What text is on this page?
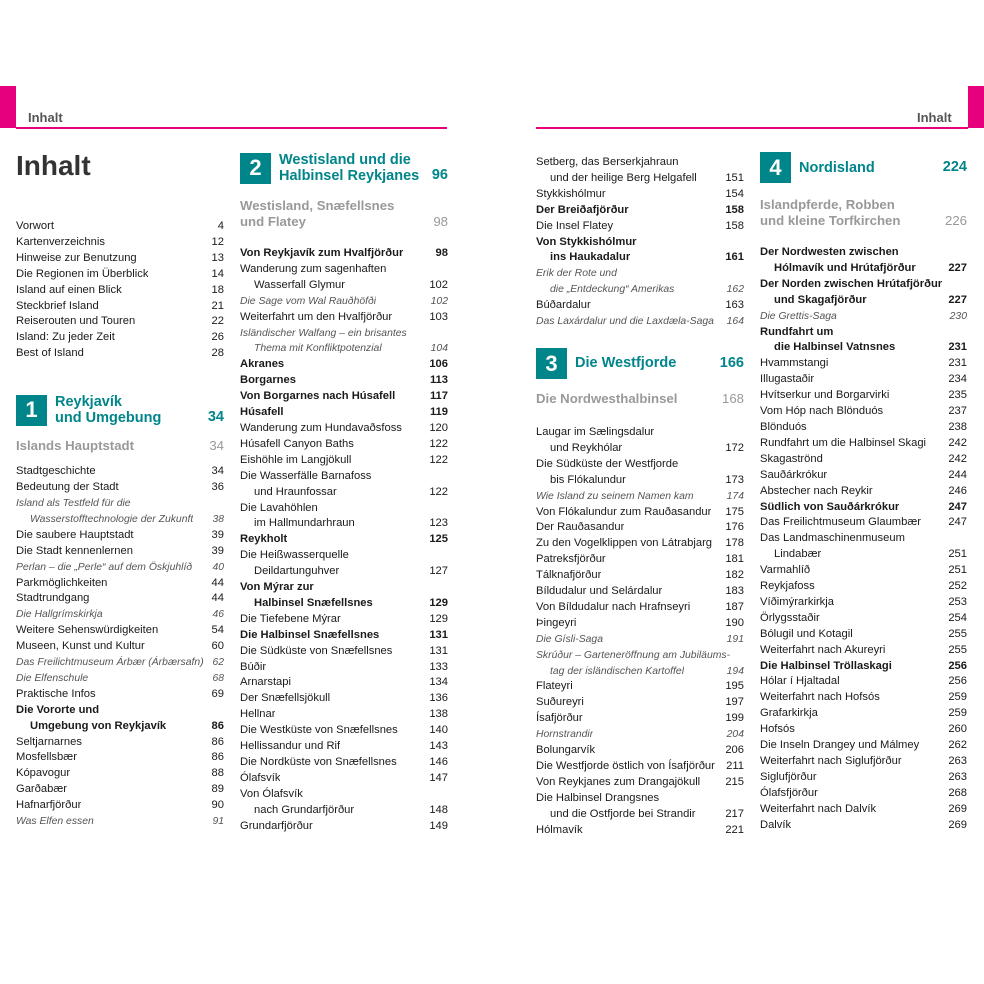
Inhalt	Inhalt
Inhalt
Vorwort	4
Kartenverzeichnis	12
Hinweise zur Benutzung	13
Die Regionen im Überblick	14
Island auf einen Blick	18
Steckbrief Island	21
Reiserouten und Touren	22
Island: Zu jeder Zeit	26
Best of Island	28
1	Reykjavík
und Umgebung	34
Islands Hauptstadt	34
Stadtgeschichte	34
Bedeutung der Stadt	36
Island als Testfeld für die
Wasserstofftechnologie der Zukunft	38
Die saubere Hauptstadt	39
Die Stadt kennenlernen	39
Perlan – die „Perle“ auf dem Öskjuhlíð	40
Parkmöglichkeiten	44
Stadtrundgang	44
Die Hallgrímskirkja	46
Weitere Sehenswürdigkeiten	54
Museen, Kunst und Kultur	60
Das Freilichtmuseum Árbær (Árbærsafn) 62
Die Elfenschule	68
Praktische Infos	69
Die Vororte und
Umgebung von Reykjavík	86
Seltjarnarnes	86
Mosfellsbær	86
Kópavogur	88
Garðabær	89
Hafnarfjörður	90
Was Elfen essen	91
2	Westisland und die
Halbinsel Reykjanes 96
Westisland, Snæfellsnes
und Flatey	98
Von Reykjavík zum Hvalfjörður	98
Wanderung zum sagenhaften
Wasserfall Glymur	102
Die Sage vom Wal Rauðhöfði	102
Weiterfahrt um den Hvalfjörður	103
Isländischer Walfang – ein brisantes
Thema mit Konfliktpotenzial	104
Akranes	106
Borgarnes	113
Von Borgarnes nach Húsafell	117
Húsafell	119
Wanderung zum Hundavaðsfoss	120
Húsafell Canyon Baths	122
Eishöhle im Langjökull	122
Die Wasserfälle Barnafoss
und Hraunfossar	122
Die Lavahöhlen
im Hallmundarhraun	123
Reykholt	125
Die Heißwasserquelle
Deildartunguhver	127
Von Mýrar zur
Halbinsel Snæfellsnes	129
Die Tiefebene Mýrar	129
Die Halbinsel Snæfellsnes	131
Die Südküste von Snæfellsnes	131
Búðir	133
Arnarstapi	134
Der Snæfellsjökull	136
Hellnar	138
Die Westküste von Snæfellsnes	140
Hellissandur und Rif	143
Die Nordküste von Snæfellsnes	146
Ólafsvík	147
Von Ólafsvík
nach Grundarfjörður	148
Grundarfjörður	149
Setberg, das Berserkjahraun
und der heilige Berg Helgafell	151
Stykkishólmur	154
Der Breiðafjörður	158
Die Insel Flatey	158
Von Stykkishólmur
ins Haukadalur	161
Erik der Rote und
die „Entdeckung“ Amerikas	162
Búðardalur	163
Das Laxárdalur und die Laxdæla-Saga	164
3	Die Westfjorde	166
Die Nordwesthalbinsel	168
Laugar im Sælingsdalur
und Reykhólar	172
Die Südküste der Westfjorde
bis Flókalundur	173
Wie Island zu seinem Namen kam	174
Von Flókalundur zum Rauðasandur	175
Der Rauðasandur	176
Zu den Vogelklippen von Látrabjarg	178
Patreksfjörður	181
Tálknafjörður	182
Bíldudalur und Selárdalur	183
Von Bíldudalur nach Hrafnseyri	187
Þingeyri	190
Die Gísli-Saga	191
Skrúður – Garteneröffnung am Jubiläums-
tag der isländischen Kartoffel	194
Flateyri	195
Suðureyri	197
Ísafjörður	199
Hornstrandir	204
Bolungarvík	206
Die Westfjorde östlich von Ísafjörður	211
Von Reykjanes zum Drangajökull	215
Die Halbinsel Drangsnes
und die Ostfjorde bei Strandir	217
Hólmavík	221
4	Nordisland	224
Islandpferde, Robben
und kleine Torfkirchen	226
Der Nordwesten zwischen
Hólmavík und Hrútafjörður	227
Der Norden zwischen Hrútafjörður
und Skagafjörður	227
Die Grettis-Saga	230
Rundfahrt um
die Halbinsel Vatnsnes	231
Hvammstangi	231
Illugastaðir	234
Hvítserkur und Borgarvirki	235
Vom Hóp nach Blönduós	237
Blönduós	238
Rundfahrt um die Halbinsel Skagi	242
Skagaströnd	242
Sauðárkrókur	244
Abstecher nach Reykir	246
Südlich von Sauðárkrókur	247
Das Freilichtmuseum Glaumbær	247
Das Landmaschinenmuseum
Lindabær	251
Varmahlíð	251
Reykjafoss	252
Víðimýrarkirkja	253
Örlygsstaðir	254
Bólugil und Kotagil	255
Weiterfahrt nach Akureyri	255
Die Halbinsel Tröllaskagi	256
Hólar í Hjaltadal	256
Weiterfahrt nach Hofsós	259
Grafarkirkja	259
Hofsós	260
Die Inseln Drangey und Málmey	262
Weiterfahrt nach Siglufjörður	263
Siglufjörður	263
Ólafsfjörður	268
Weiterfahrt nach Dalvík	269
Dalvík	269
